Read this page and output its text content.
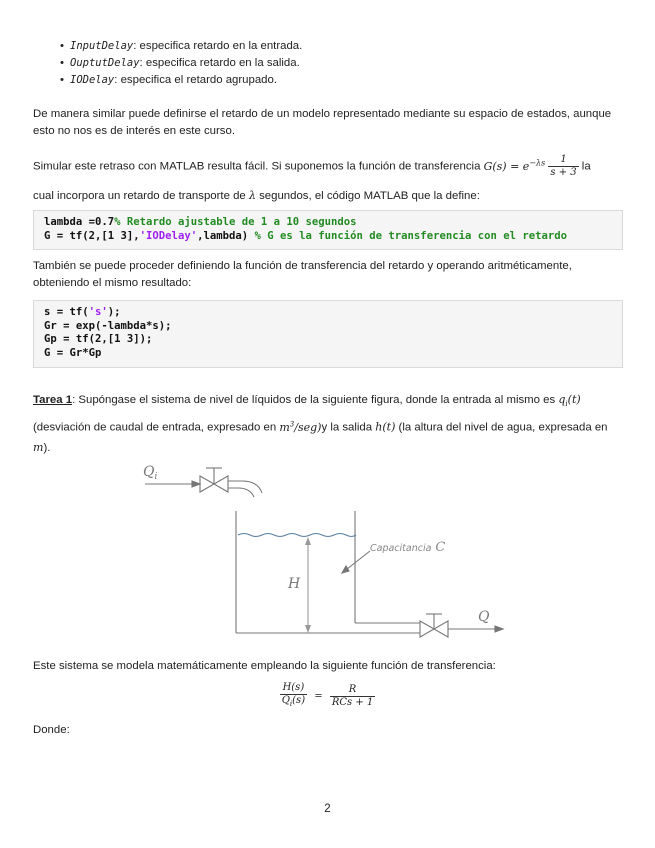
• InputDelay: especifica retardo en la entrada.
• OuptutDelay: especifica retardo en la salida.
• IODelay: especifica el retardo agrupado.

De manera similar puede definirse el retardo de un modelo representado mediante su espacio de estados, aunque esto no nos es de interés en este curso.

Simular este retraso con MATLAB resulta fácil. Si suponemos la función de transferencia $G(s) = e^{-\lambda s} \frac{1}{s + 3}$ la

cual incorpora un retardo de transporte de λ segundos, el código MATLAB que la define:

lambda =0.7% Retardo ajustable de 1 a 10 segundos
G = tf(2,[1 3],'IODelay',lambda) % G es la función de transferencia con el retardo

También se puede proceder definiendo la función de transferencia del retardo y operando aritméticamente, obteniendo el mismo resultado:

s = tf('s');
Gr = exp(-lambda*s);
Gp = tf(2,[1 3]);
G = Gr*Gp

Tarea 1: Supóngase el sistema de nivel de líquidos de la siguiente figura, donde la entrada al mismo es $q_i(t)$
(desviación de caudal de entrada, expresado en $m^3/seg)y$ la salida h(t) (la altura del nivel de agua, expresada en m).

$Q_i$
H
Capacitancia C
Q

Este sistema se modela matemáticamente empleando la siguiente función de transferencia:

$\frac{H(s)}{Q_i(s)} = \frac{R}{\text{RCs + 1}}$

Donde:

2
